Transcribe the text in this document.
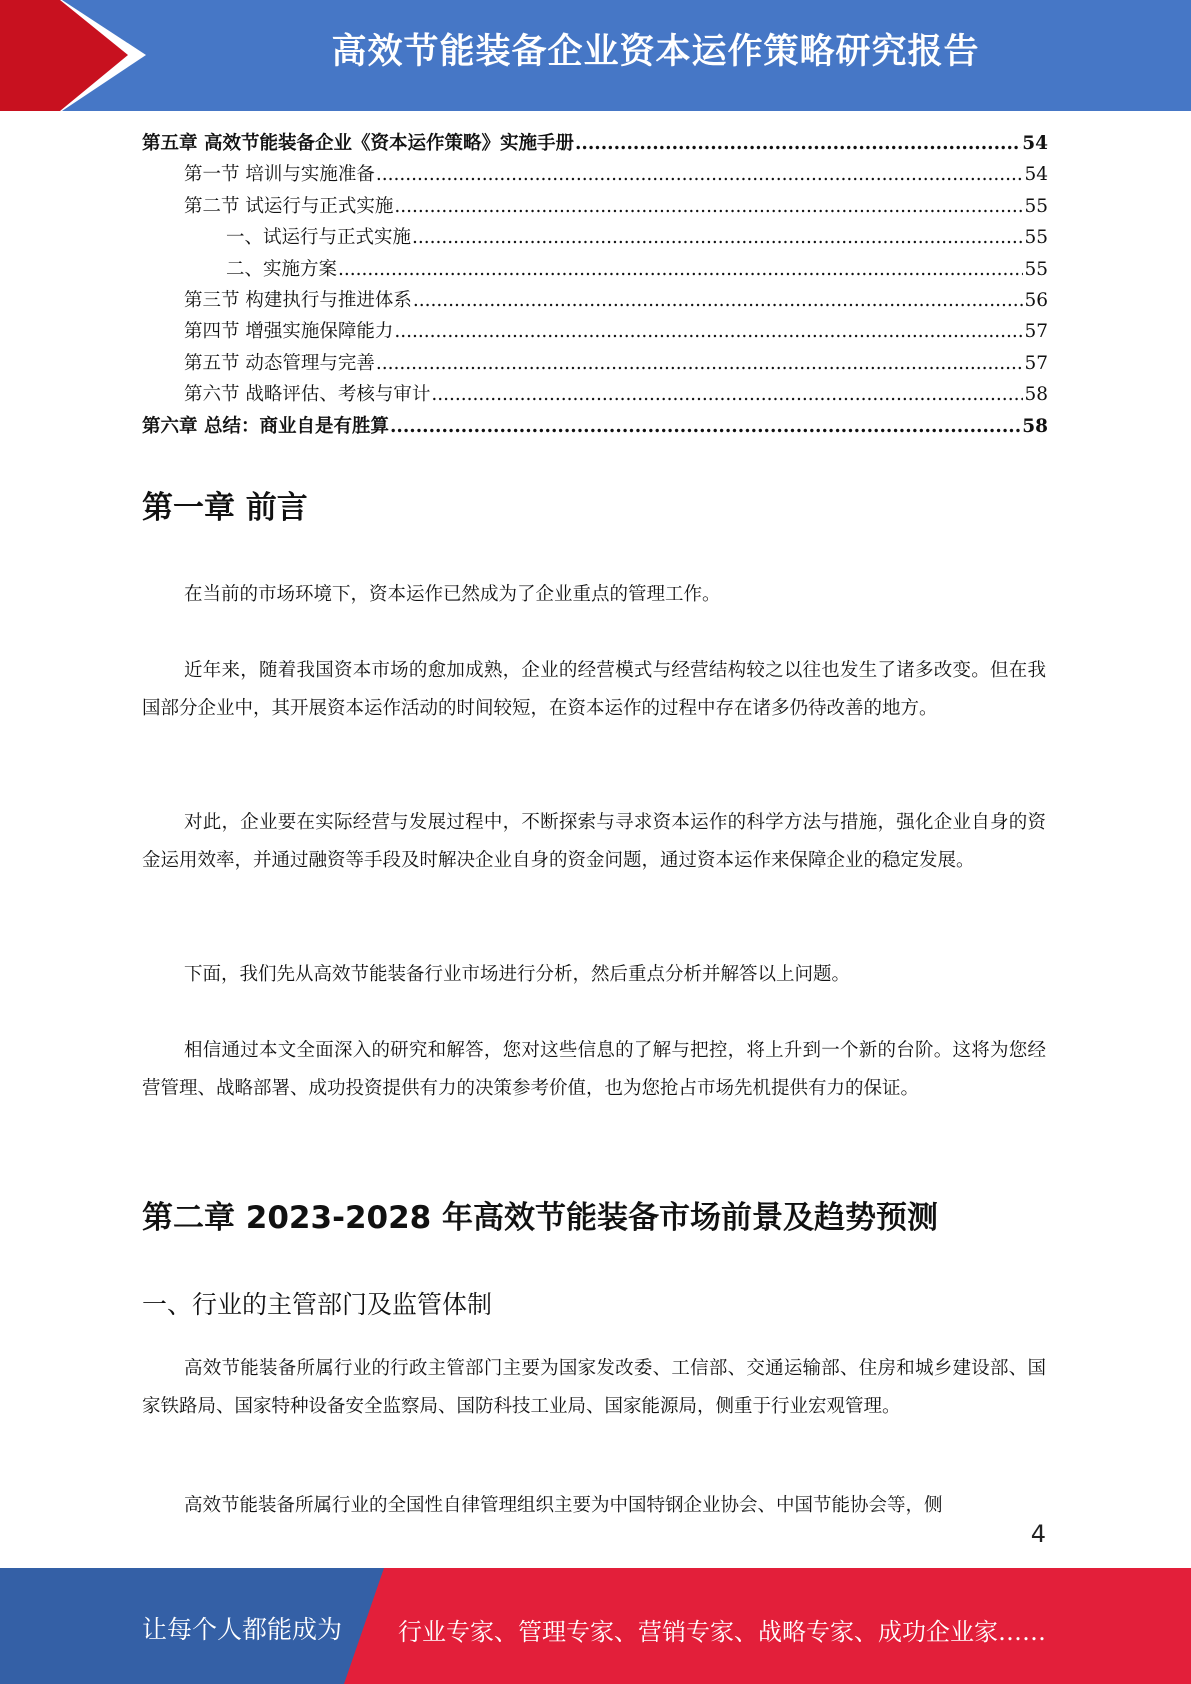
高效节能装备企业资本运作策略研究报告
第五章 高效节能装备企业《资本运作策略》实施手册 .....	54
第一节 培训与实施准备 .....	54
第二节 试运行与正式实施 .....	55
一、试运行与正式实施 .....	55
二、实施方案 .....	55
第三节 构建执行与推进体系 .....	56
第四节 增强实施保障能力 .....	57
第五节 动态管理与完善 .....	57
第六节 战略评估、考核与审计 .....	58
第六章 总结：商业自是有胜算 .....	58
第一章 前言
在当前的市场环境下，资本运作已然成为了企业重点的管理工作。
近年来，随着我国资本市场的愈加成熟，企业的经营模式与经营结构较之以往也发生了诸多改变。但在我国部分企业中，其开展资本运作活动的时间较短，在资本运作的过程中存在诸多仍待改善的地方。
对此，企业要在实际经营与发展过程中，不断探索与寻求资本运作的科学方法与措施，强化企业自身的资金运用效率，并通过融资等手段及时解决企业自身的资金问题，通过资本运作来保障企业的稳定发展。
下面，我们先从高效节能装备行业市场进行分析，然后重点分析并解答以上问题。
相信通过本文全面深入的研究和解答，您对这些信息的了解与把控，将上升到一个新的台阶。这将为您经营管理、战略部署、成功投资提供有力的决策参考价值，也为您抢占市场先机提供有力的保证。
第二章 2023-2028 年高效节能装备市场前景及趋势预测
一、行业的主管部门及监管体制
高效节能装备所属行业的行政主管部门主要为国家发改委、工信部、交通运输部、住房和城乡建设部、国家铁路局、国家特种设备安全监察局、国防科技工业局、国家能源局，侧重于行业宏观管理。
高效节能装备所属行业的全国性自律管理组织主要为中国特钢企业协会、中国节能协会等，侧
4
让每个人都能成为 行业专家、管理专家、营销专家、战略专家、成功企业家……
